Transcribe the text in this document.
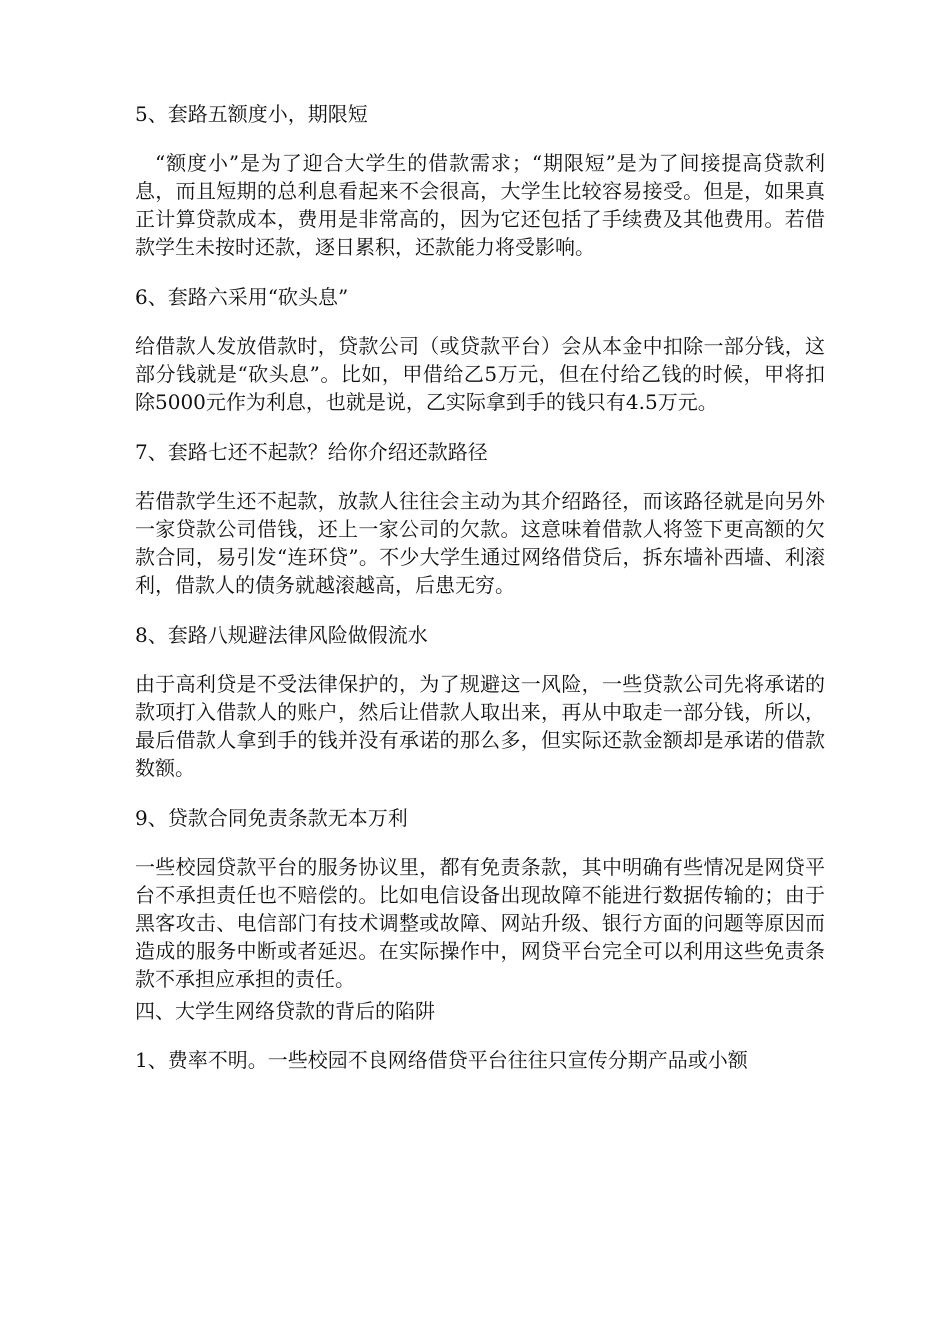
5、套路五额度小，期限短

“额度小”是为了迎合大学生的借款需求；“期限短”是为了间接提高贷款利息，而且短期的总利息看起来不会很高，大学生比较容易接受。但是，如果真正计算贷款成本，费用是非常高的，因为它还包括了手续费及其他费用。若借款学生未按时还款，逐日累积，还款能力将受影响。

6、套路六采用“砍头息”

给借款人发放借款时，贷款公司（或贷款平台）会从本金中扣除一部分钱，这部分钱就是“砍头息”。比如，甲借给乙5万元，但在付给乙钱的时候，甲将扣除5000元作为利息，也就是说，乙实际拿到手的钱只有4.5万元。

7、套路七还不起款？给你介绍还款路径

若借款学生还不起款，放款人往往会主动为其介绍路径，而该路径就是向另外一家贷款公司借钱，还上一家公司的欠款。这意味着借款人将签下更高额的欠款合同，易引发“连环贷”。不少大学生通过网络借贷后，拆东墙补西墙、利滚利，借款人的债务就越滚越高，后患无穷。

8、套路八规避法律风险做假流水

由于高利贷是不受法律保护的，为了规避这一风险，一些贷款公司先将承诺的款项打入借款人的账户，然后让借款人取出来，再从中取走一部分钱，所以，最后借款人拿到手的钱并没有承诺的那么多，但实际还款金额却是承诺的借款数额。

9、贷款合同免责条款无本万利

一些校园贷款平台的服务协议里，都有免责条款，其中明确有些情况是网贷平台不承担责任也不赔偿的。比如电信设备出现故障不能进行数据传输的；由于黑客攻击、电信部门有技术调整或故障、网站升级、银行方面的问题等原因而造成的服务中断或者延迟。在实际操作中，网贷平台完全可以利用这些免责条款不承担应承担的责任。

四、大学生网络贷款的背后的陷阱

1、费率不明。一些校园不良网络借贷平台往往只宣传分期产品或小额
